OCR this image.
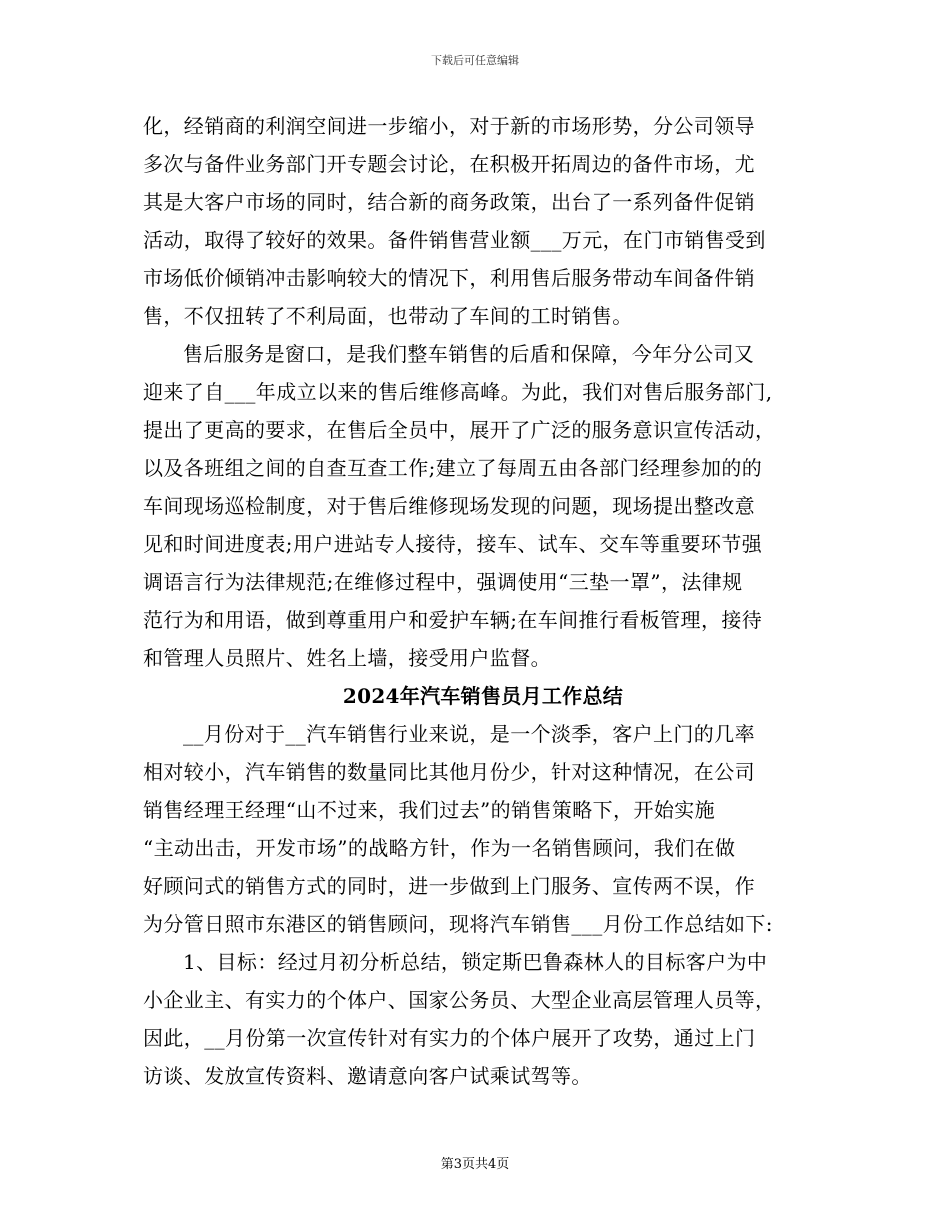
下载后可任意编辑
化，经销商的利润空间进一步缩小，对于新的市场形势，分公司领导
多次与备件业务部门开专题会讨论，在积极开拓周边的备件市场，尤
其是大客户市场的同时，结合新的商务政策，出台了一系列备件促销
活动，取得了较好的效果。备件销售营业额___万元，在门市销售受到
市场低价倾销冲击影响较大的情况下，利用售后服务带动车间备件销
售，不仅扭转了不利局面，也带动了车间的工时销售。
售后服务是窗口，是我们整车销售的后盾和保障，今年分公司又
迎来了自___年成立以来的售后维修高峰。为此，我们对售后服务部门,
提出了更高的要求，在售后全员中，展开了广泛的服务意识宣传活动，
以及各班组之间的自查互查工作;建立了每周五由各部门经理参加的的
车间现场巡检制度，对于售后维修现场发现的问题，现场提出整改意
见和时间进度表;用户进站专人接待，接车、试车、交车等重要环节强
调语言行为法律规范;在维修过程中，强调使用“三垫一罩”，法律规
范行为和用语，做到尊重用户和爱护车辆;在车间推行看板管理，接待
和管理人员照片、姓名上墙，接受用户监督。
2024年汽车销售员月工作总结
__月份对于__汽车销售行业来说，是一个淡季，客户上门的几率
相对较小，汽车销售的数量同比其他月份少，针对这种情况，在公司
销售经理王经理“山不过来，我们过去”的销售策略下，开始实施
“主动出击，开发市场”的战略方针，作为一名销售顾问，我们在做
好顾问式的销售方式的同时，进一步做到上门服务、宣传两不误，作
为分管日照市东港区的销售顾问，现将汽车销售___月份工作总结如下:
1、目标：经过月初分析总结，锁定斯巴鲁森林人的目标客户为中
小企业主、有实力的个体户、国家公务员、大型企业高层管理人员等，
因此，__月份第一次宣传针对有实力的个体户展开了攻势，通过上门
访谈、发放宣传资料、邀请意向客户试乘试驾等。
第3页共4页
